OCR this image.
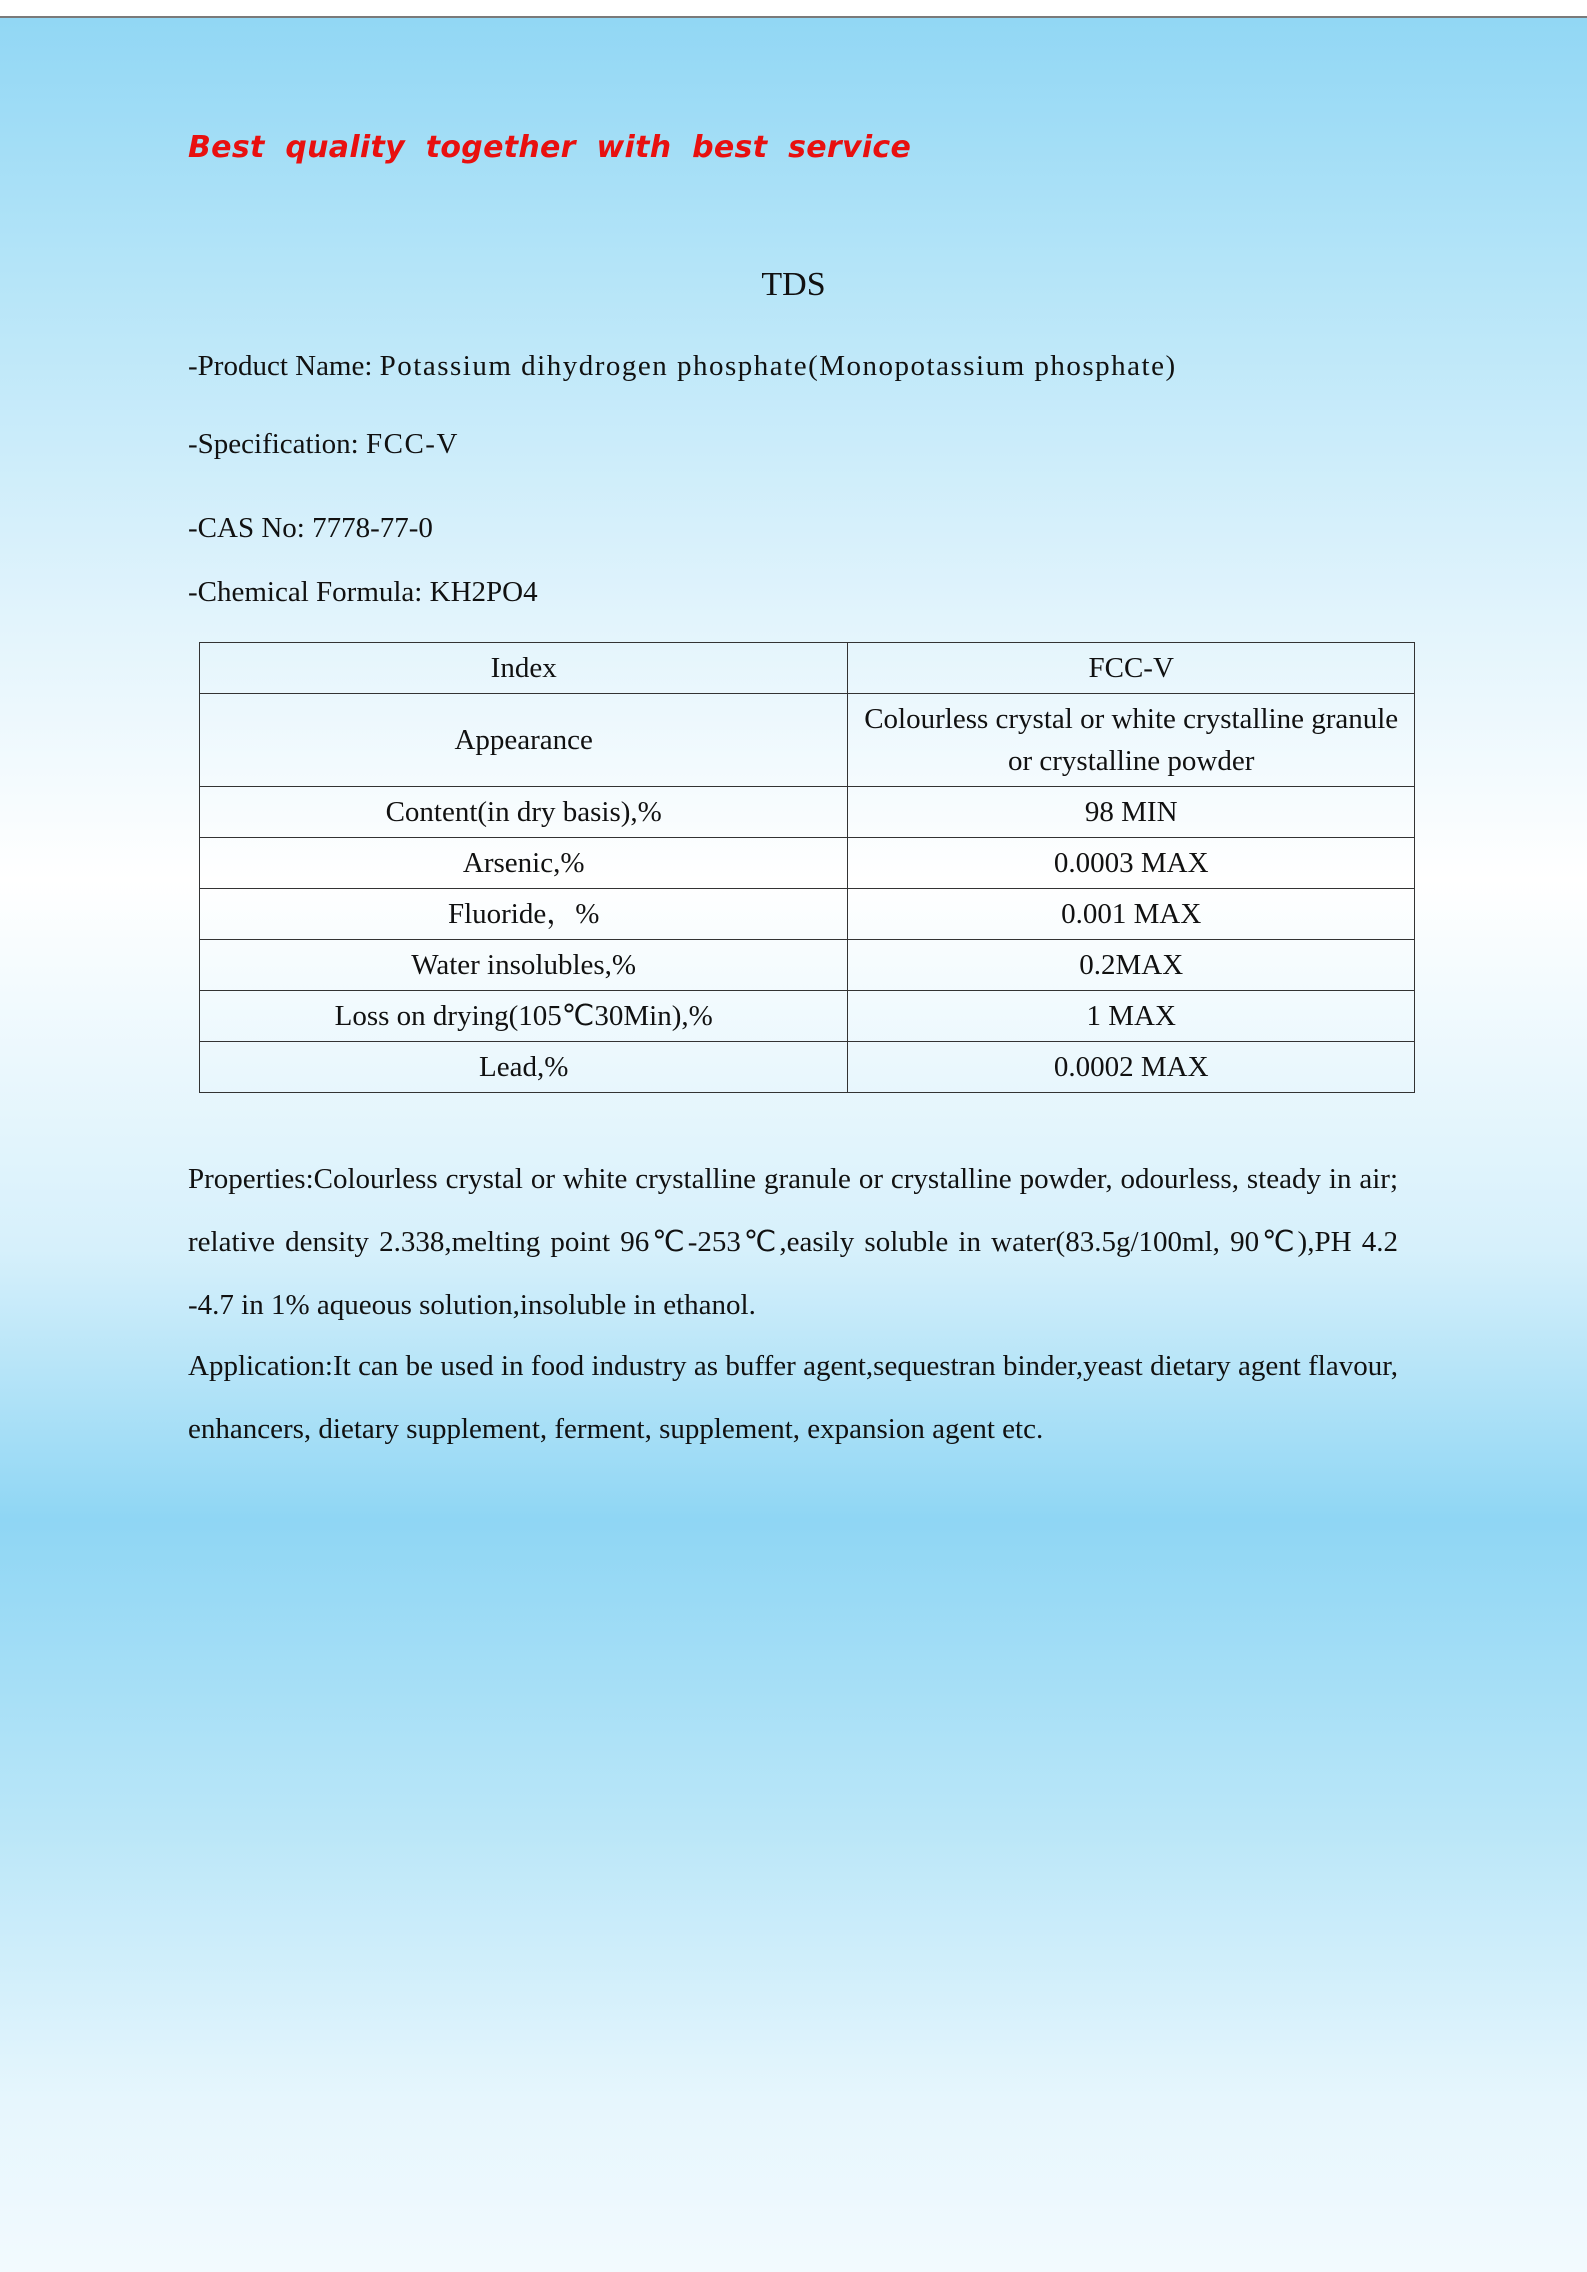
Best quality together with best service
TDS
-Product Name: Potassium dihydrogen phosphate(Monopotassium phosphate)
-Specification: FCC-V
-CAS No: 7778-77-0
-Chemical Formula: KH2PO4
Index	FCC-V
Appearance	Colourless crystal or white crystalline granule or crystalline powder
Content(in dry basis),%	98 MIN
Arsenic,%	0.0003 MAX
Fluoride，%	0.001 MAX
Water insolubles,%	0.2MAX
Loss on drying(105℃30Min),%	1 MAX
Lead,%	0.0002 MAX
Properties:Colourless crystal or white crystalline granule or crystalline powder, odourless, steady in air; relative density 2.338,melting point 96℃-253℃,easily soluble in water(83.5g/100ml, 90℃),PH 4.2 -4.7 in 1% aqueous solution,insoluble in ethanol.
Application:It can be used in food industry as buffer agent,sequestran binder,yeast dietary agent flavour, enhancers, dietary supplement, ferment, supplement, expansion agent etc.
